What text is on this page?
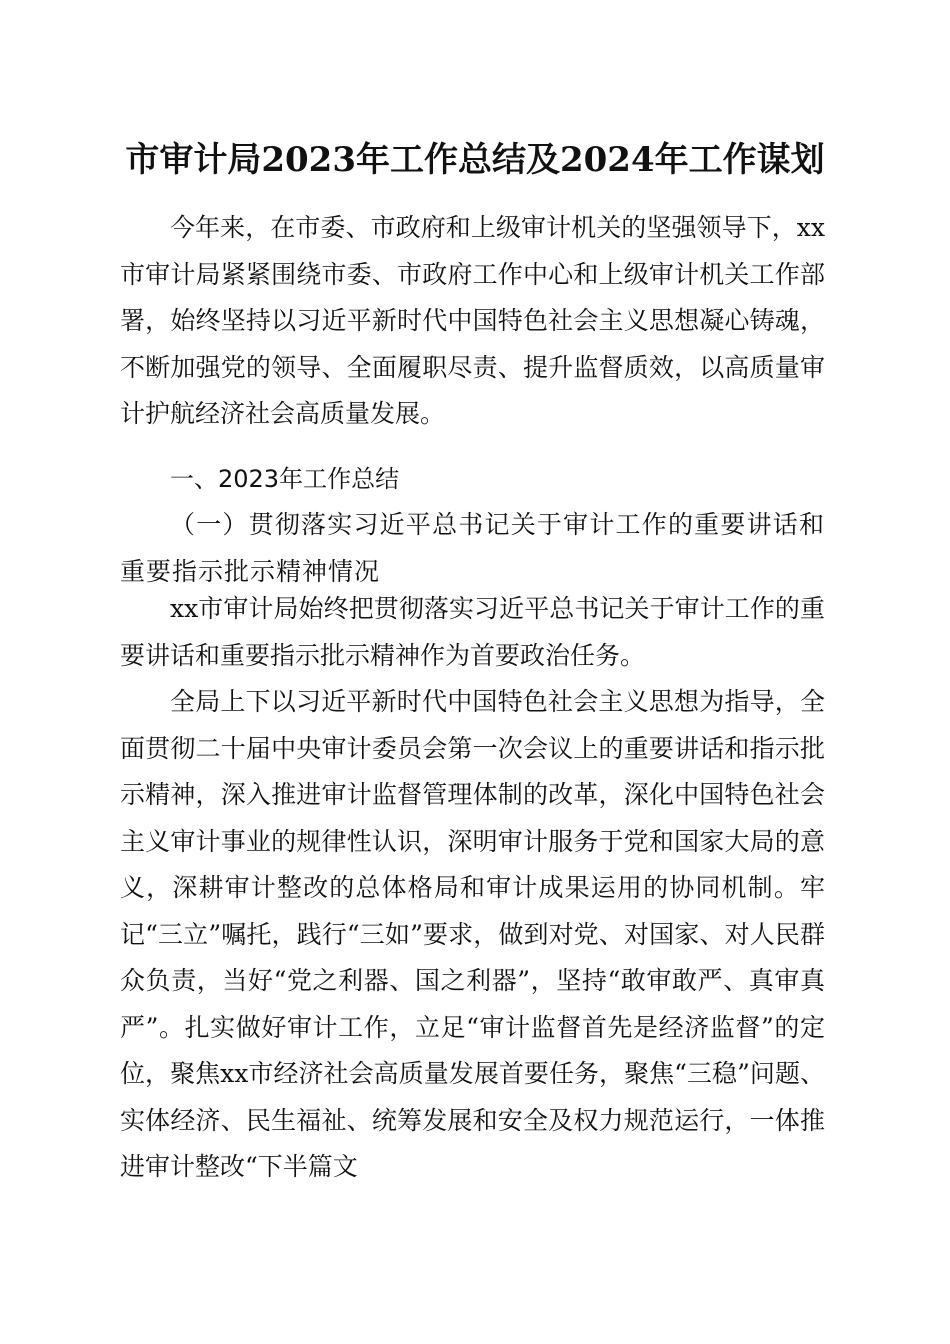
市审计局2023年工作总结及2024年工作谋划
今年来，在市委、市政府和上级审计机关的坚强领导下，xx市审计局紧紧围绕市委、市政府工作中心和上级审计机关工作部署，始终坚持以习近平新时代中国特色社会主义思想凝心铸魂，不断加强党的领导、全面履职尽责、提升监督质效，以高质量审计护航经济社会高质量发展。
一、2023年工作总结
（一）贯彻落实习近平总书记关于审计工作的重要讲话和重要指示批示精神情况
xx市审计局始终把贯彻落实习近平总书记关于审计工作的重要讲话和重要指示批示精神作为首要政治任务。
全局上下以习近平新时代中国特色社会主义思想为指导，全面贯彻二十届中央审计委员会第一次会议上的重要讲话和指示批示精神，深入推进审计监督管理体制的改革，深化中国特色社会主义审计事业的规律性认识，深明审计服务于党和国家大局的意义，深耕审计整改的总体格局和审计成果运用的协同机制。牢记“三立”嘱托，践行“三如”要求，做到对党、对国家、对人民群众负责，当好“党之利器、国之利器”，坚持“敢审敢严、真审真严”。扎实做好审计工作，立足“审计监督首先是经济监督”的定位，聚焦xx市经济社会高质量发展首要任务，聚焦“三稳”问题、实体经济、民生福祉、统筹发展和安全及权力规范运行，一体推进审计整改“下半篇文
